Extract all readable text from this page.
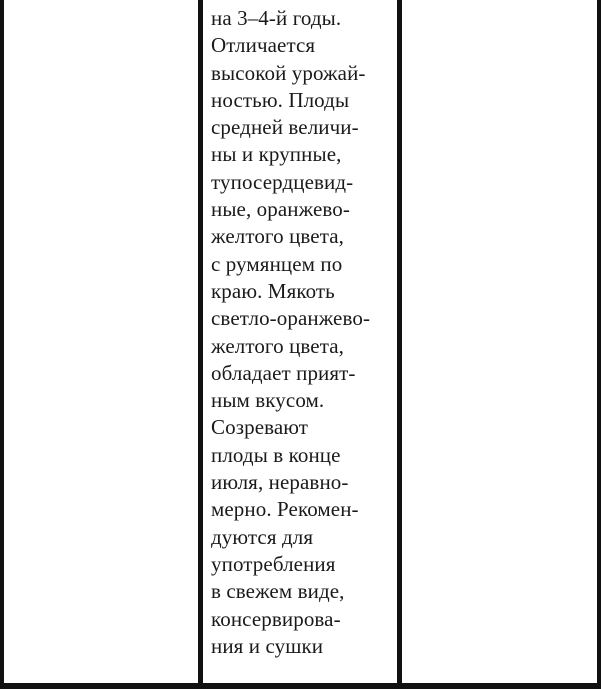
на 3–4-й годы.
Отличается
высокой урожай-
ностью. Плоды
средней величи-
ны и крупные,
тупосердцевид-
ные, оранжево-
желтого цвета,
с румянцем по
краю. Мякоть
светло-оранжево-
желтого цвета,
обладает прият-
ным вкусом.
Созревают
плоды в конце
июля, неравно-
мерно. Рекомен-
дуются для
употребления
в свежем виде,
консервирова-
ния и сушки
